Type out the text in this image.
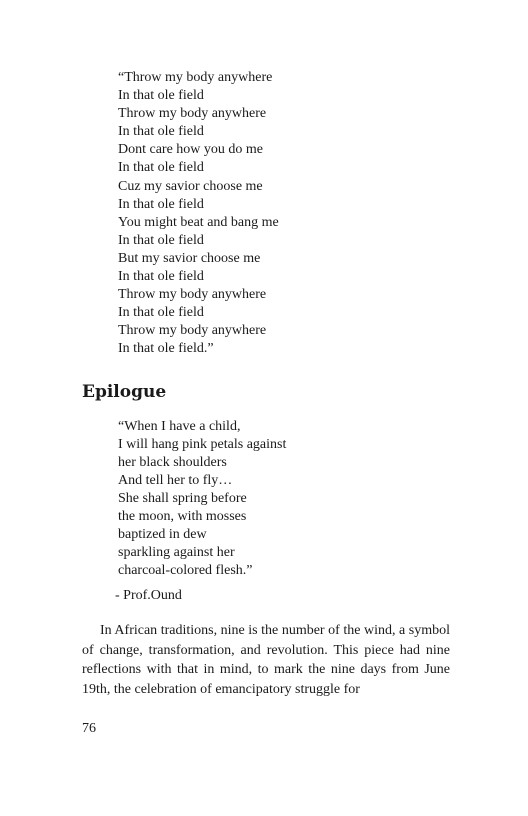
“Throw my body anywhere
In that ole field
Throw my body anywhere
In that ole field
Dont care how you do me
In that ole field
Cuz my savior choose me
In that ole field
You might beat and bang me
In that ole field
But my savior choose me
In that ole field
Throw my body anywhere
In that ole field
Throw my body anywhere
In that ole field.”
Epilogue
“When I have a child,
I will hang pink petals against
her black shoulders
And tell her to fly…
She shall spring before
the moon, with mosses
baptized in dew
sparkling against her
charcoal-colored flesh.”
- Prof.Ound

In African traditions, nine is the number of the wind, a symbol of change, transformation, and revolution. This piece had nine reflections with that in mind, to mark the nine days from June 19th, the celebration of emancipatory struggle for

76
